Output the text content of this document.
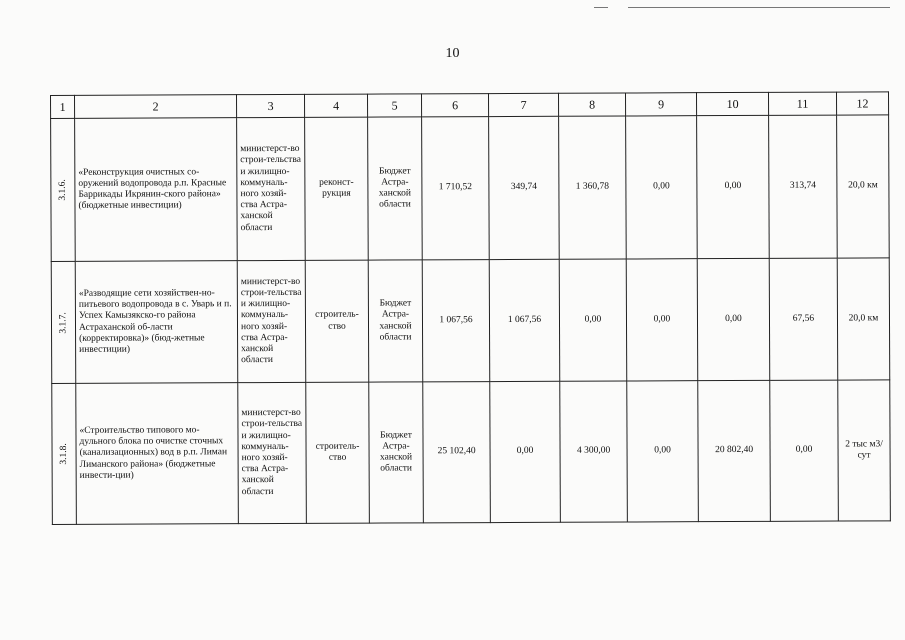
10
1	2	3	4	5	6	7	8	9	10	11	12

3.1.6.	«Реконструкция очистных со-оружений водопровода р.п. Красные Баррикады Икрянин-ского района» (бюджетные инвестиции)	министерст-во строи-тельства и жилищно-коммуналь-ного хозяй-ства Астра-ханской области	реконст-рукция	Бюджет Астра-ханской области	1 710,52	349,74	1 360,78	0,00	0,00	313,74	20,0 км

3.1.7.	«Разводящие сети хозяйствен-но-питьевого водопровода в с. Уварь и п. Успех Камызякско-го района Астраханской об-ласти (корректировка)» (бюд-жетные инвестиции)	министерст-во строи-тельства и жилищно-коммуналь-ного хозяй-ства Астра-ханской области	строитель-ство	Бюджет Астра-ханской области	1 067,56	1 067,56	0,00	0,00	0,00	67,56	20,0 км

3.1.8.	«Строительство типового мо-дульного блока по очистке сточных (канализационных) вод в р.п. Лиман Лиманского района» (бюджетные инвести-ции)	министерст-во строи-тельства и жилищно-коммуналь-ного хозяй-ства Астра-ханской области	строитель-ство	Бюджет Астра-ханской области	25 102,40	0,00	4 300,00	0,00	20 802,40	0,00	2 тыс м3/сут
